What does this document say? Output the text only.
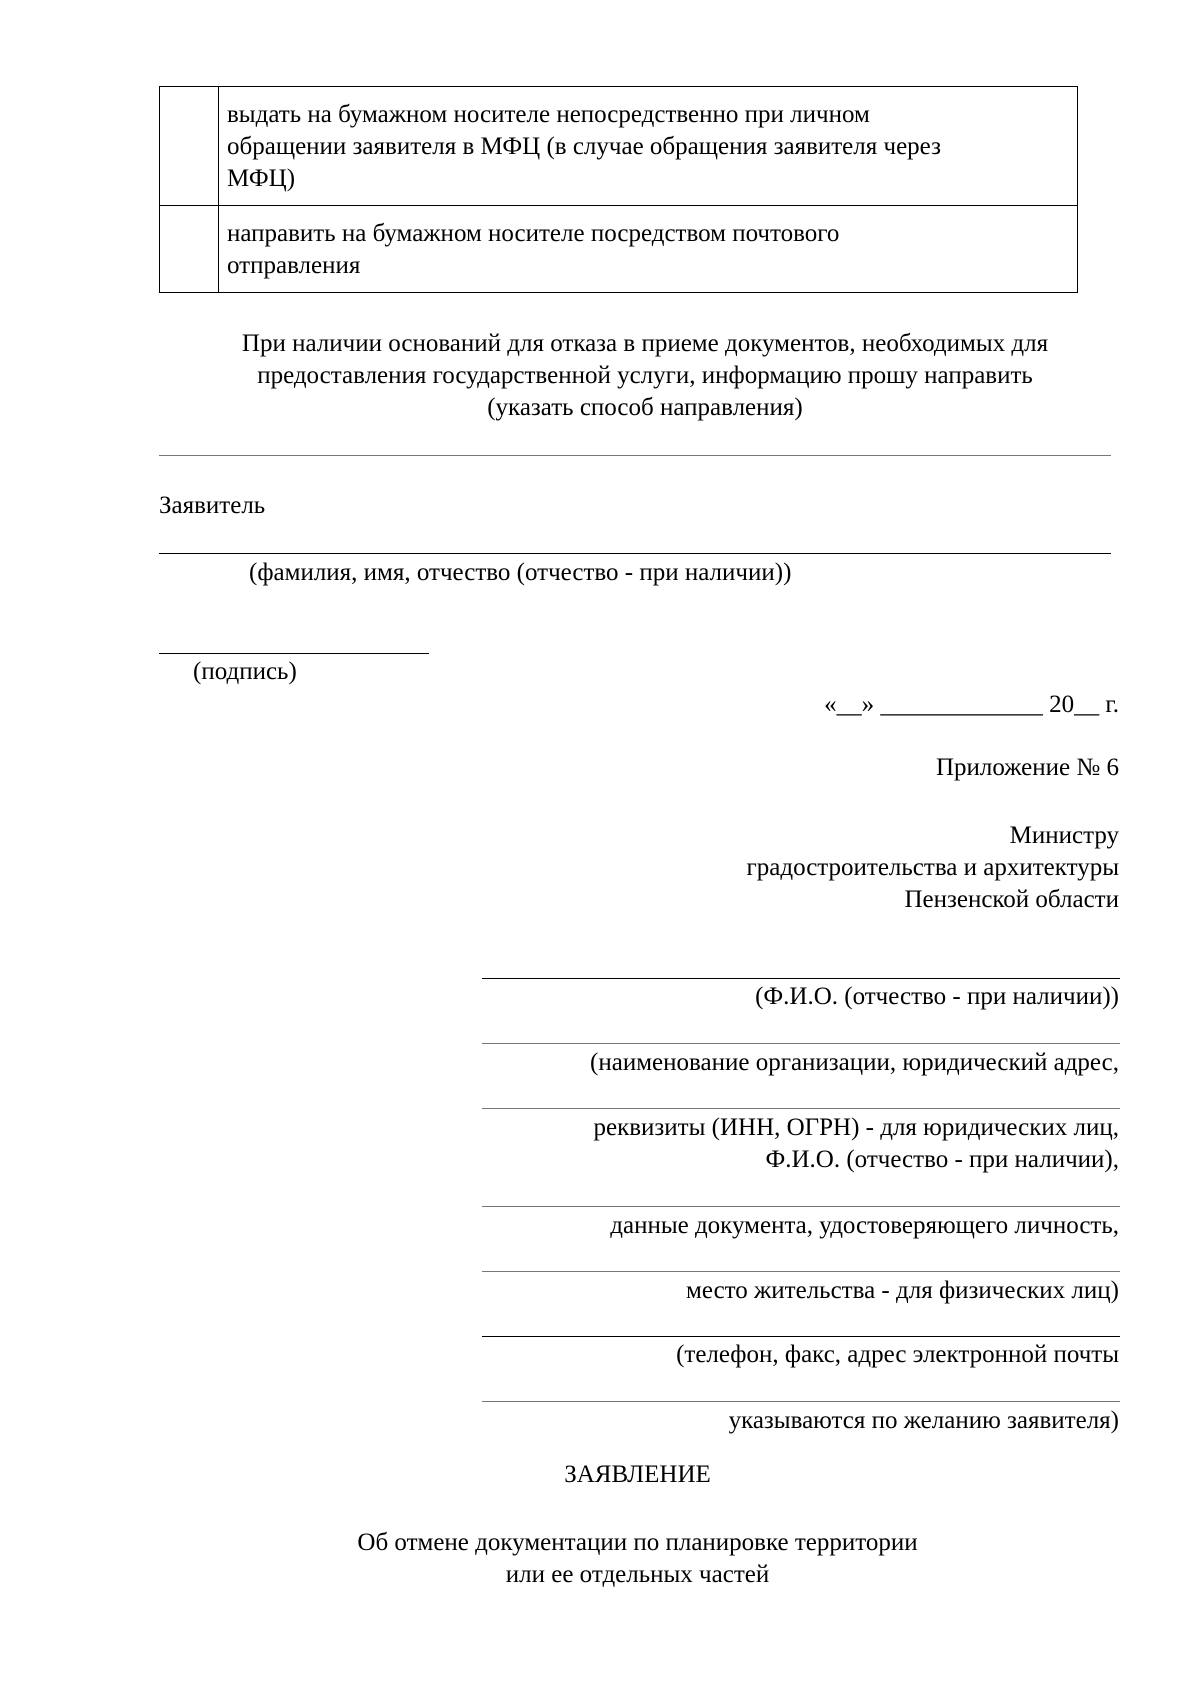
	выдать на бумажном носителе непосредственно при личном
обращении заявителя в МФЦ (в случае обращения заявителя через
МФЦ)

	направить на бумажном носителе посредством почтового
отправления
При наличии оснований для отказа в приеме документов, необходимых для
предоставления государственной услуги, информацию прошу направить
(указать способ направления)
Заявитель
(фамилия, имя, отчество (отчество - при наличии))
(подпись)
«__» _____________ 20__ г.
Приложение № 6
Министру
градостроительства и архитектуры
Пензенской области
(Ф.И.О. (отчество - при наличии))
(наименование организации, юридический адрес,
реквизиты (ИНН, ОГРН) - для юридических лиц,
Ф.И.О. (отчество - при наличии),
данные документа, удостоверяющего личность,
место жительства - для физических лиц)
(телефон, факс, адрес электронной почты
указываются по желанию заявителя)
ЗАЯВЛЕНИЕ
Об отмене документации по планировке территории
или ее отдельных частей
